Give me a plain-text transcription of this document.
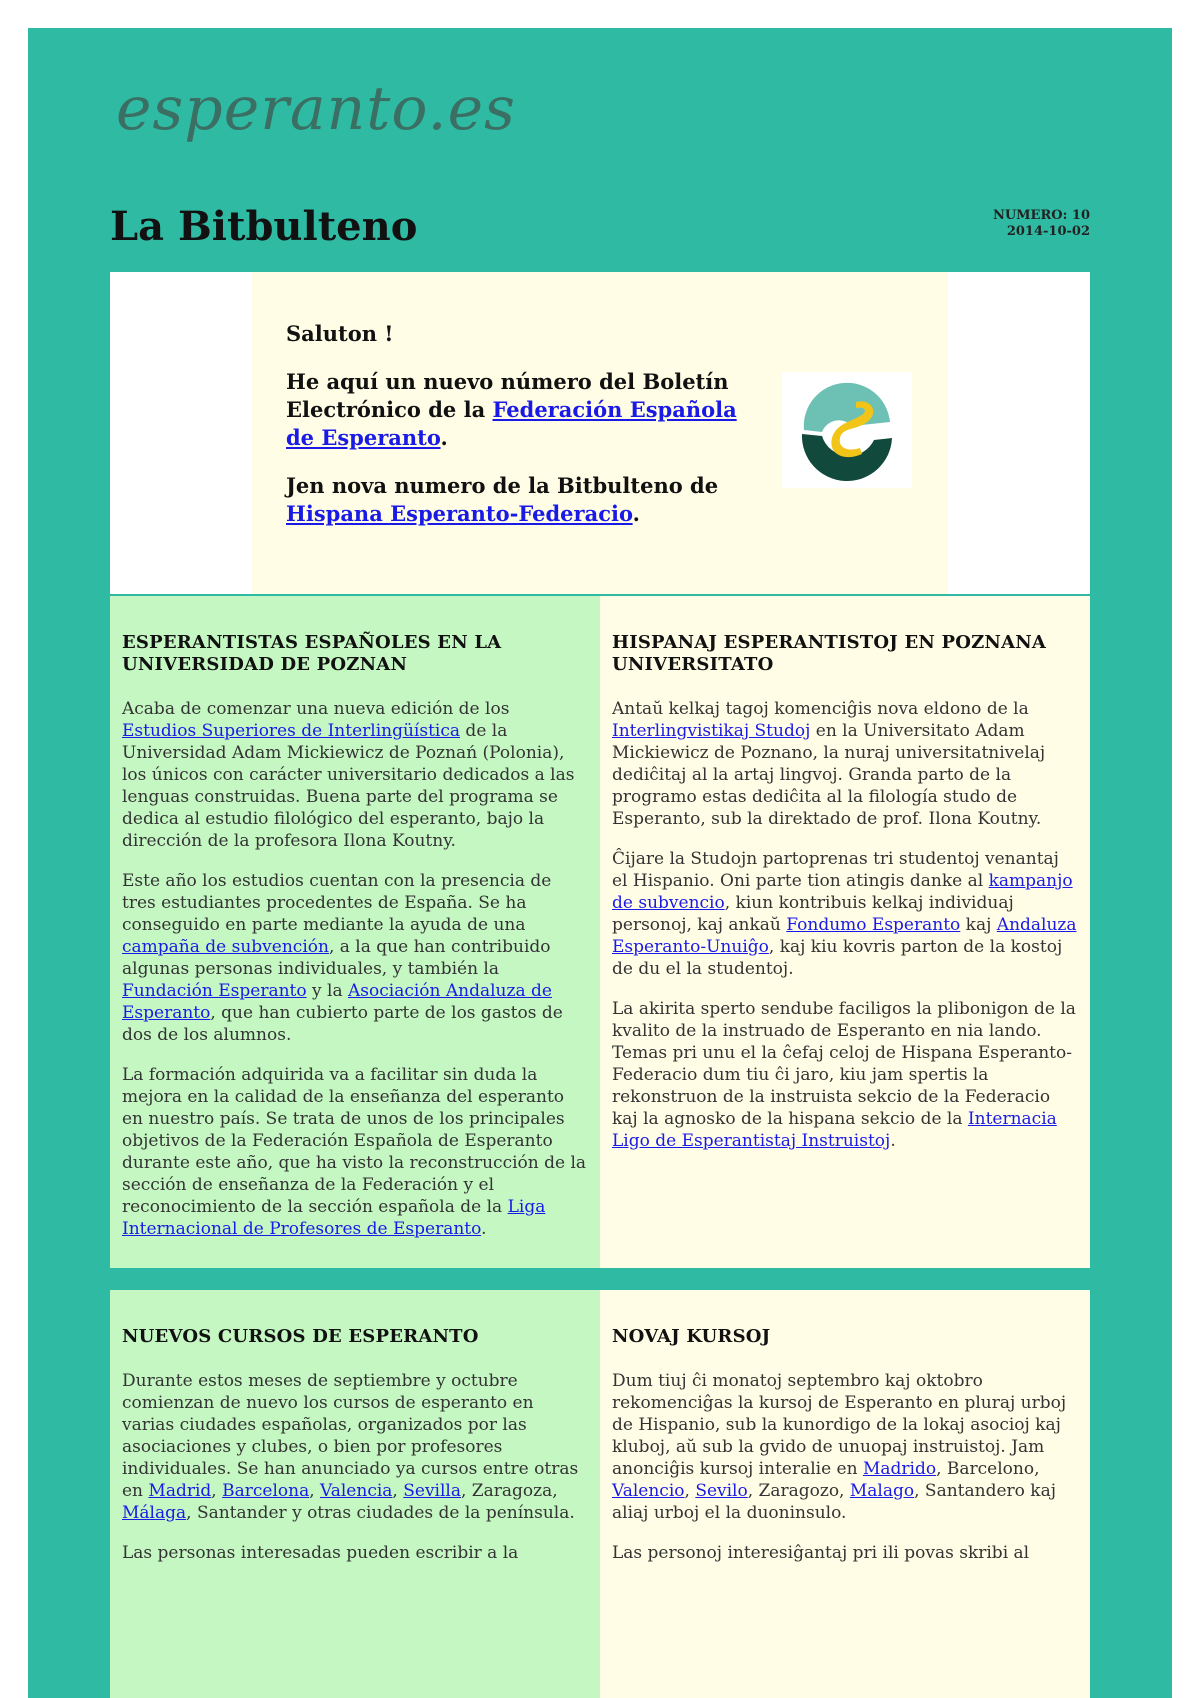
esperanto.es
La Bitbulteno	NUMERO: 10
2014-10-02

Saluton !

He aquí un nuevo número del Boletín Electrónico de la Federación Española de Esperanto.

Jen nova numero de la Bitbulteno de Hispana Esperanto-Federacio.

ESPERANTISTAS ESPAÑOLES EN LA UNIVERSIDAD DE POZNAN

Acaba de comenzar una nueva edición de los Estudios Superiores de Interlingüística de la Universidad Adam Mickiewicz de Poznań (Polonia), los únicos con carácter universitario dedicados a las lenguas construidas. Buena parte del programa se dedica al estudio filológico del esperanto, bajo la dirección de la profesora Ilona Koutny.

Este año los estudios cuentan con la presencia de tres estudiantes procedentes de España. Se ha conseguido en parte mediante la ayuda de una campaña de subvención, a la que han contribuido algunas personas individuales, y también la Fundación Esperanto y la Asociación Andaluza de Esperanto, que han cubierto parte de los gastos de dos de los alumnos.

La formación adquirida va a facilitar sin duda la mejora en la calidad de la enseñanza del esperanto en nuestro país. Se trata de unos de los principales objetivos de la Federación Española de Esperanto durante este año, que ha visto la reconstrucción de la sección de enseñanza de la Federación y el reconocimiento de la sección española de la Liga Internacional de Profesores de Esperanto.

HISPANAJ ESPERANTISTOJ EN POZNANA UNIVERSITATO

Antaŭ kelkaj tagoj komenciĝis nova eldono de la Interlingvistikaj Studoj en la Universitato Adam Mickiewicz de Poznano, la nuraj universitatnivelaj dediĉitaj al la artaj lingvoj. Granda parto de la programo estas dediĉita al la filología studo de Esperanto, sub la direktado de prof. Ilona Koutny.

Ĉijare la Studojn partoprenas tri studentoj venantaj el Hispanio. Oni parte tion atingis danke al kampanjo de subvencio, kiun kontribuis kelkaj individuaj personoj, kaj ankaŭ Fondumo Esperanto kaj Andaluza Esperanto-Unuiĝo, kaj kiu kovris parton de la kostoj de du el la studentoj.

La akirita sperto sendube faciligos la plibonigon de la kvalito de la instruado de Esperanto en nia lando. Temas pri unu el la ĉefaj celoj de Hispana Esperanto-Federacio dum tiu ĉi jaro, kiu jam spertis la rekonstruon de la instruista sekcio de la Federacio kaj la agnosko de la hispana sekcio de la Internacia Ligo de Esperantistaj Instruistoj.

NUEVOS CURSOS DE ESPERANTO

Durante estos meses de septiembre y octubre comienzan de nuevo los cursos de esperanto en varias ciudades españolas, organizados por las asociaciones y clubes, o bien por profesores individuales. Se han anunciado ya cursos entre otras en Madrid, Barcelona, Valencia, Sevilla, Zaragoza, Málaga, Santander y otras ciudades de la península.

Las personas interesadas pueden escribir a la

NOVAJ KURSOJ

Dum tiuj ĉi monatoj septembro kaj oktobro rekomenciĝas la kursoj de Esperanto en pluraj urboj de Hispanio, sub la kunordigo de la lokaj asocioj kaj kluboj, aŭ sub la gvido de unuopaj instruistoj. Jam anonciĝis kursoj interalie en Madrido, Barcelono, Valencio, Sevilo, Zaragozo, Malago, Santandero kaj aliaj urboj el la duoninsulo.

Las personoj interesiĝantaj pri ili povas skribi al
